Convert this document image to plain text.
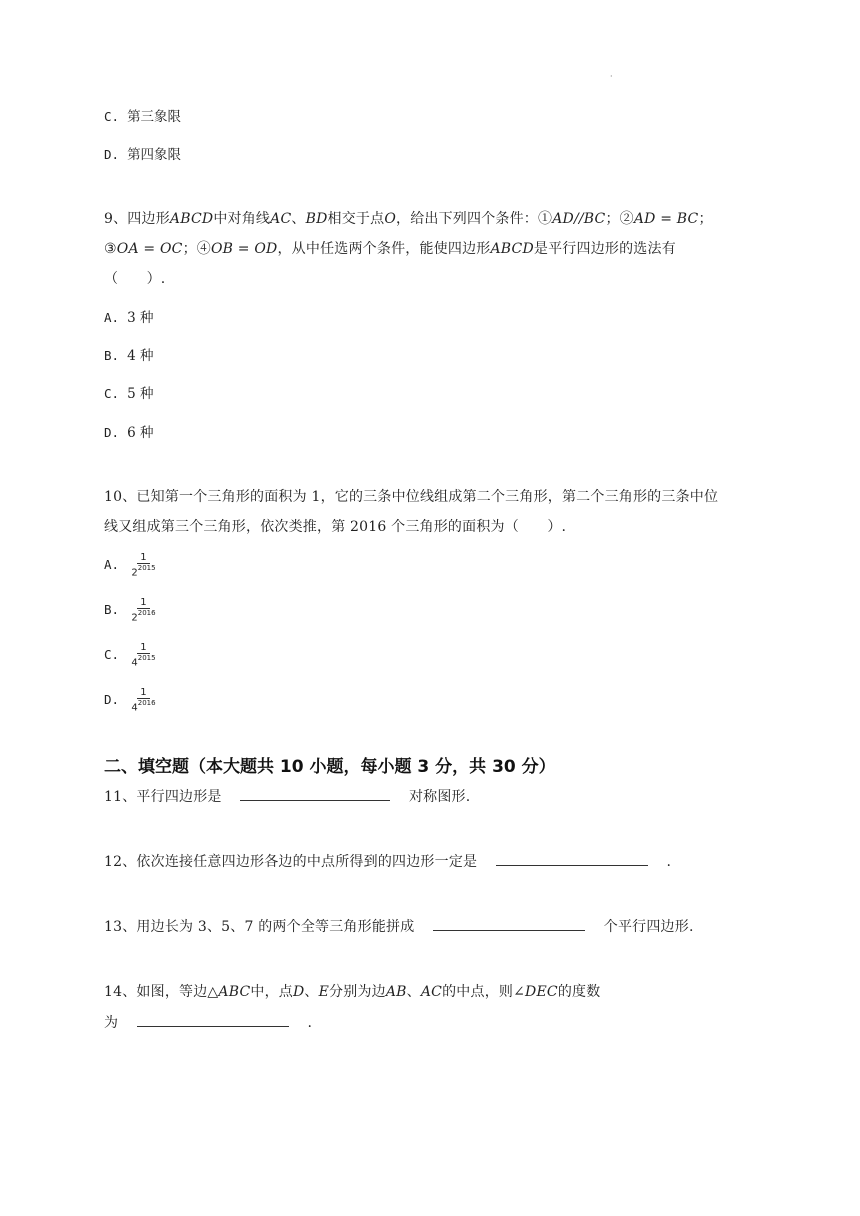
·
C. 第三象限
D. 第四象限
9、四边形ABCD中对角线AC、BD相交于点O，给出下列四个条件：①AD//BC；②AD = BC；
③OA = OC；④OB = OD，从中任选两个条件，能使四边形ABCD是平行四边形的选法有
（　　）.
A. 3 种
B. 4 种
C. 5 种
D. 6 种
10、已知第一个三角形的面积为 1，它的三条中位线组成第二个三角形，第二个三角形的三条中位
线又组成第三个三角形，依次类推，第 2016 个三角形的面积为（　　）.
A. $\frac{1}{2^{2015}}$
B. $\frac{1}{2^{2016}}$
C. $\frac{1}{4^{2015}}$
D. $\frac{1}{4^{2016}}$
二、填空题（本大题共 10 小题，每小题 3 分，共 30 分）
11、平行四边形是	对称图形.
12、依次连接任意四边形各边的中点所得到的四边形一定是	.
13、用边长为 3、5、7 的两个全等三角形能拼成	个平行四边形.
14、如图，等边△ABC中，点D、E分别为边AB、AC的中点，则∠DEC的度数
为	.
